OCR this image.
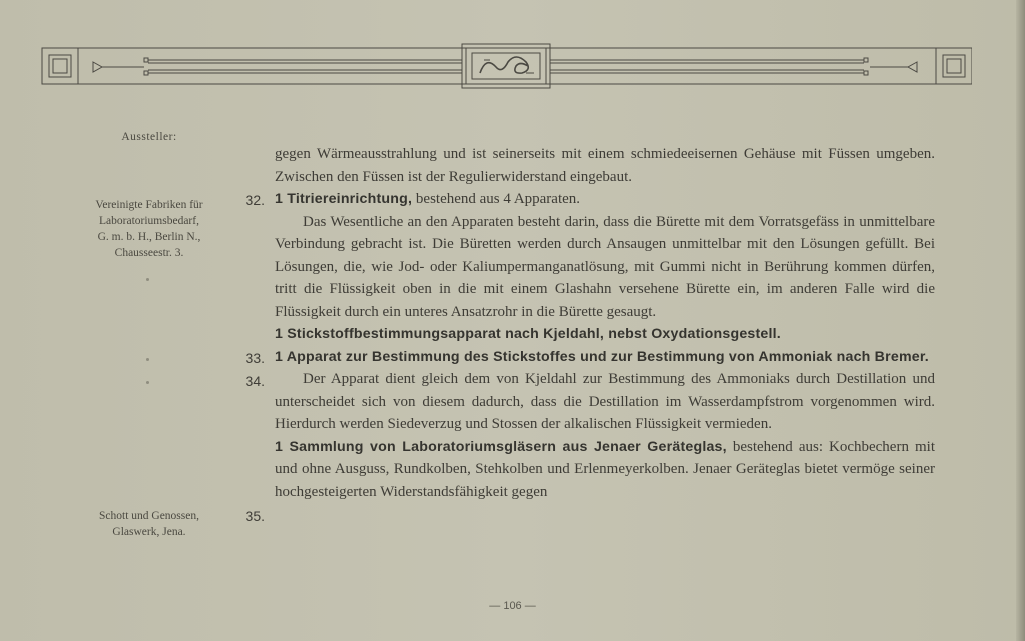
Aussteller:
Vereinigte Fabriken für
Laboratoriumsbedarf,
G. m. b. H., Berlin N.,
Chausseestr. 3.
Schott und Genossen,
Glaswerk, Jena.
32.
33.
34.
35.

gegen Wärmeausstrahlung und ist seinerseits mit einem schmiedeeisernen Gehäuse mit Füssen umgeben. Zwischen den Füssen ist der Regulierwiderstand eingebaut.

1 Titriereinrichtung, bestehend aus 4 Apparaten.

Das Wesentliche an den Apparaten besteht darin, dass die Bürette mit dem Vorratsgefäss in unmittelbare Verbindung gebracht ist. Die Büretten werden durch Ansaugen unmittelbar mit den Lösungen gefüllt. Bei Lösungen, die, wie Jod- oder Kaliumpermanganatlösung, mit Gummi nicht in Berührung kommen dürfen, tritt die Flüssigkeit oben in die mit einem Glashahn versehene Bürette ein, im anderen Falle wird die Flüssigkeit durch ein unteres Ansatzrohr in die Bürette gesaugt.

1 Stickstoffbestimmungsapparat nach Kjeldahl, nebst Oxydationsgestell.

1 Apparat zur Bestimmung des Stickstoffes und zur Bestimmung von Ammoniak nach Bremer.

Der Apparat dient gleich dem von Kjeldahl zur Bestimmung des Ammoniaks durch Destillation und unterscheidet sich von diesem dadurch, dass die Destillation im Wasserdampfstrom vorgenommen wird. Hierdurch werden Siedeverzug und Stossen der alkalischen Flüssigkeit vermieden.

1 Sammlung von Laboratoriumsgläsern aus Jenaer Geräteglas, bestehend aus: Kochbechern mit und ohne Ausguss, Rundkolben, Stehkolben und Erlenmeyerkolben. Jenaer Geräteglas bietet vermöge seiner hochgesteigerten Widerstandsfähigkeit gegen

— 106 —
